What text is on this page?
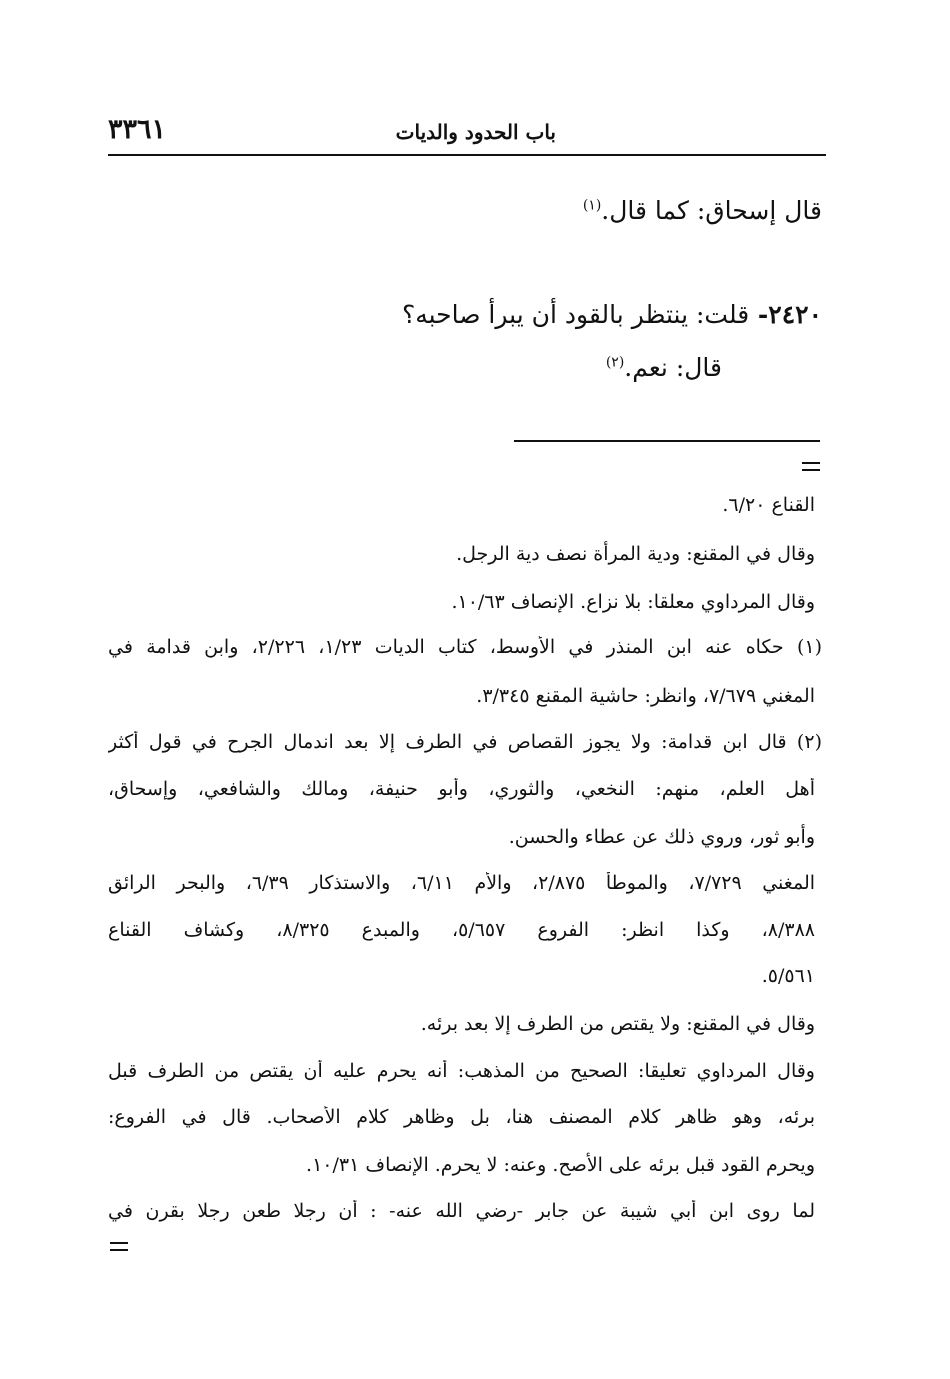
باب الحدود والديات
٣٣٦١
قال إسحاق: كما قال.$^{(١)}$
٢٤٢٠- قلت: ينتظر بالقود أن يبرأ صاحبه؟
قال: نعم.$^{(٢)}$
القناع ٦/٢٠.
وقال في المقنع: ودية المرأة نصف دية الرجل.
وقال المرداوي معلقا: بلا نزاع. الإنصاف ١٠/٦٣.
(١) حكاه عنه ابن المنذر في الأوسط، كتاب الديات ١/٢٣، ٢/٢٢٦، وابن قدامة في
المغني ٧/٦٧٩، وانظر: حاشية المقنع ٣/٣٤٥.
(٢) قال ابن قدامة: ولا يجوز القصاص في الطرف إلا بعد اندمال الجرح في قول أكثر
أهل العلم، منهم: النخعي، والثوري، وأبو حنيفة، ومالك والشافعي، وإسحاق،
وأبو ثور، وروي ذلك عن عطاء والحسن.
المغني ٧/٧٢٩، والموطأ ٢/٨٧٥، والأم ٦/١١، والاستذكار ٦/٣٩، والبحر الرائق
٨/٣٨٨، وكذا انظر: الفروع ٥/٦٥٧، والمبدع ٨/٣٢٥، وكشاف القناع
٥/٥٦١.
وقال في المقنع: ولا يقتص من الطرف إلا بعد برئه.
وقال المرداوي تعليقا: الصحيح من المذهب: أنه يحرم عليه أن يقتص من الطرف قبل
برئه، وهو ظاهر كلام المصنف هنا، بل وظاهر كلام الأصحاب. قال في الفروع:
ويحرم القود قبل برئه على الأصح. وعنه: لا يحرم. الإنصاف ١٠/٣١.
لما روى ابن أبي شيبة عن جابر -رضي الله عنه- : أن رجلا طعن رجلا بقرن في
